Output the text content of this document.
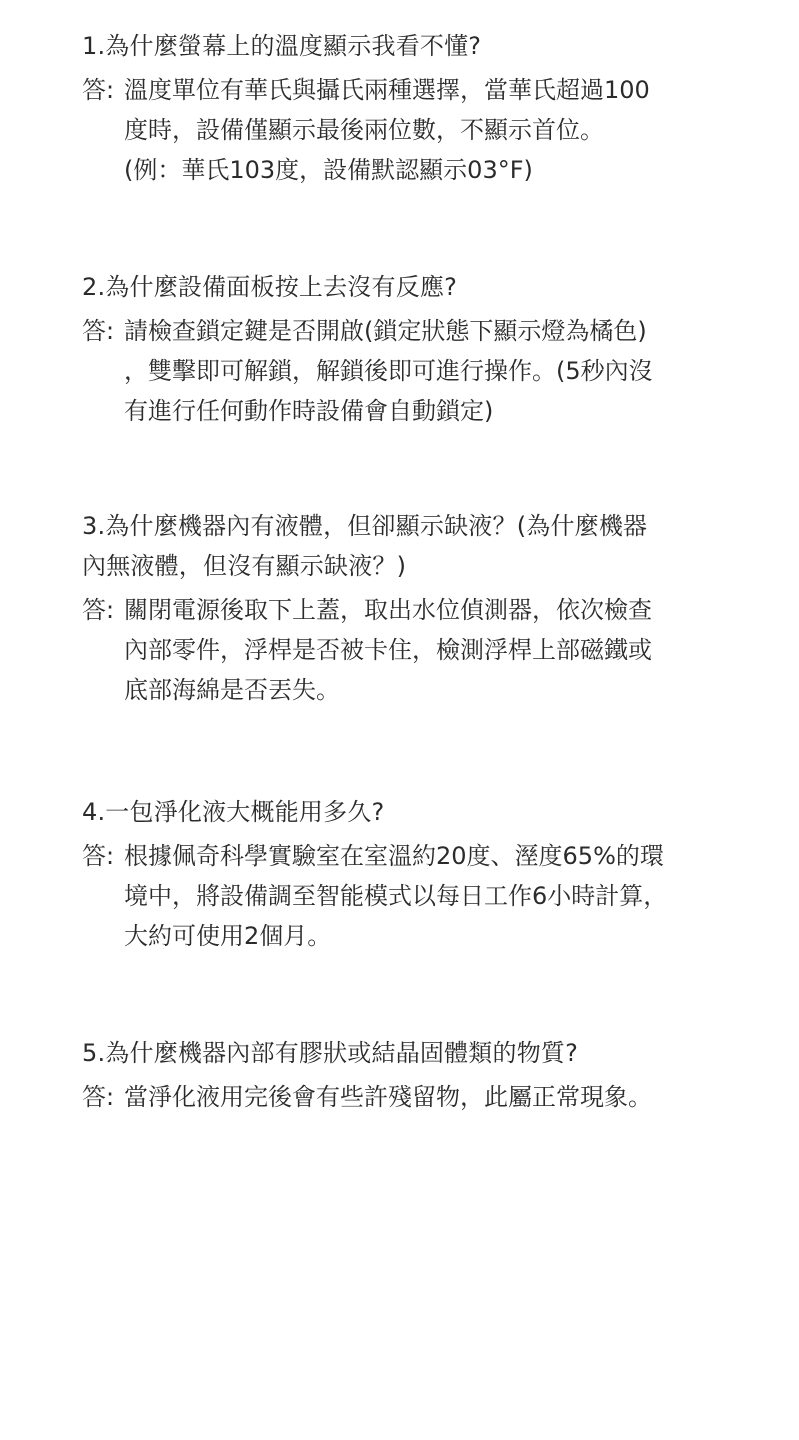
1.為什麼螢幕上的溫度顯示我看不懂?
答: 溫度單位有華氏與攝氏兩種選擇，當華氏超過100
度時，設備僅顯示最後兩位數，不顯示首位。
(例：華氏103度，設備默認顯示03°F)
2.為什麼設備面板按上去沒有反應?
答: 請檢查鎖定鍵是否開啟(鎖定狀態下顯示燈為橘色)
，雙擊即可解鎖，解鎖後即可進行操作。(5秒內沒
有進行任何動作時設備會自動鎖定)
3.為什麼機器內有液體，但卻顯示缺液？(為什麼機器
內無液體，但沒有顯示缺液？)
答: 關閉電源後取下上蓋，取出水位偵測器，依次檢查
內部零件，浮桿是否被卡住，檢測浮桿上部磁鐵或
底部海綿是否丟失。
4.一包淨化液大概能用多久?
答: 根據佩奇科學實驗室在室溫約20度、溼度65%的環
境中，將設備調至智能模式以每日工作6小時計算，
大約可使用2個月。
5.為什麼機器內部有膠狀或結晶固體類的物質?
答: 當淨化液用完後會有些許殘留物，此屬正常現象。
